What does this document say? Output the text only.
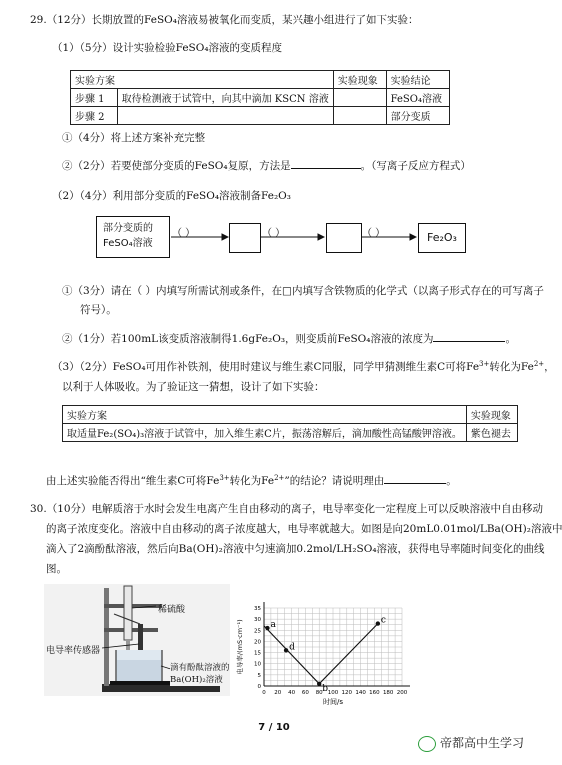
29.（12分）长期放置的FeSO₄溶液易被氧化而变质，某兴趣小组进行了如下实验：
（1）（5分）设计实验检验FeSO₄溶液的变质程度
实验方案		实验现象	实验结论
步骤 1	取待检测液于试管中，向其中滴加 KSCN 溶液		FeSO₄溶液
步骤 2			部分变质
①（4分）将上述方案补充完整
②（2分）若要使部分变质的FeSO₄复原，方法是	。（写离子反应方程式）
（2）（4分）利用部分变质的FeSO₄溶液制备Fe₂O₃
部分变质的
FeSO₄溶液
（ ）	（ ）	（ ）	Fe₂O₃
①（3分）请在（ ）内填写所需试剂或条件，在□内填写含铁物质的化学式（以离子形式存在的可写离子
符号）。
②（1分）若100mL该变质溶液制得1.6gFe₂O₃，则变质前FeSO₄溶液的浓度为	。
（3）（2分）FeSO₄可用作补铁剂，使用时建议与维生素C同服，同学甲猜测维生素C可将$Fe^{3+}$转化为$Fe^{2+}$，
以利于人体吸收。为了验证这一猜想，设计了如下实验：
实验方案	实验现象
取适量Fe₂(SO₄)₃溶液于试管中，加入维生素C片，振荡溶解后，滴加酸性高锰酸钾溶液。	紫色褪去
由上述实验能否得出“维生素C可将$Fe^{3+}$转化为$Fe^{2+}$”的结论？请说明理由	。
30.（10分）电解质溶于水时会发生电离产生自由移动的离子，电导率变化一定程度上可以反映溶液中自由移动
的离子浓度变化。溶液中自由移动的离子浓度越大，电导率就越大。如图是向20mL0.01mol/LBa(OH)₂溶液中
滴入了2滴酚酞溶液，然后向Ba(OH)₂溶液中匀速滴加0.2mol/LH₂SO₄溶液，获得电导率随时间变化的曲线
图。
稀硫酸
电导率传感器
滴有酚酞溶液的
Ba(OH)₂溶液
0 20 40 60 80 100 120 140 160 180 200
0
5
10
15
20
25
30
35
时间/s
电导率/(mS·cm⁻¹)	a
d
b
c
7 / 10
帝都高中生学习
